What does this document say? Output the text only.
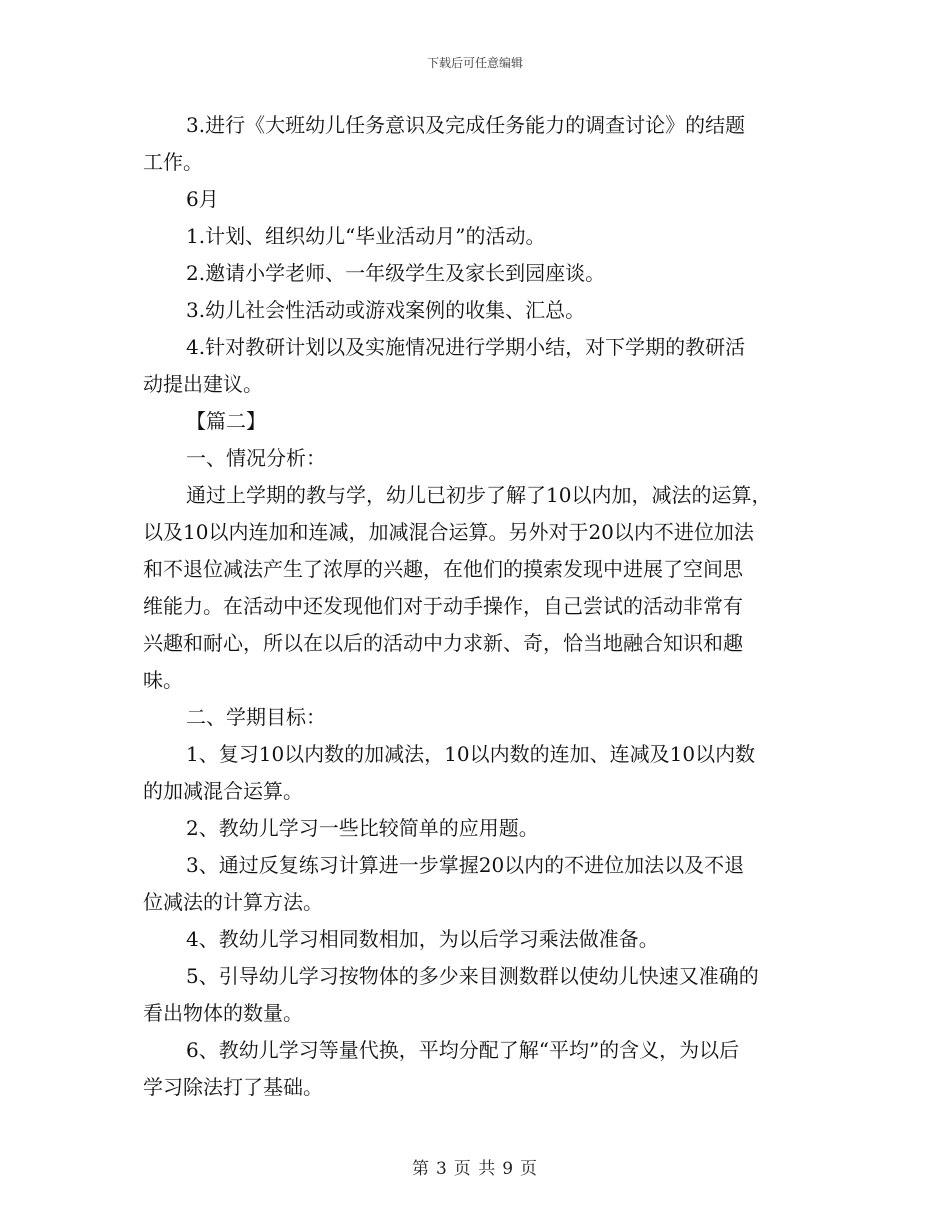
下载后可任意编辑
3.进行《大班幼儿任务意识及完成任务能力的调查讨论》的结题
工作。
6月
1.计划、组织幼儿“毕业活动月”的活动。
2.邀请小学老师、一年级学生及家长到园座谈。
3.幼儿社会性活动或游戏案例的收集、汇总。
4.针对教研计划以及实施情况进行学期小结，对下学期的教研活
动提出建议。
【篇二】
一、情况分析：
通过上学期的教与学，幼儿已初步了解了10以内加，减法的运算，
以及10以内连加和连减，加减混合运算。另外对于20以内不进位加法
和不退位减法产生了浓厚的兴趣，在他们的摸索发现中进展了空间思
维能力。在活动中还发现他们对于动手操作，自己尝试的活动非常有
兴趣和耐心，所以在以后的活动中力求新、奇，恰当地融合知识和趣
味。
二、学期目标：
1、复习10以内数的加减法，10以内数的连加、连减及10以内数
的加减混合运算。
2、教幼儿学习一些比较简单的应用题。
3、通过反复练习计算进一步掌握20以内的不进位加法以及不退
位减法的计算方法。
4、教幼儿学习相同数相加，为以后学习乘法做准备。
5、引导幼儿学习按物体的多少来目测数群以使幼儿快速又准确的
看出物体的数量。
6、教幼儿学习等量代换，平均分配了解“平均”的含义，为以后
学习除法打了基础。
第 3 页 共 9 页
